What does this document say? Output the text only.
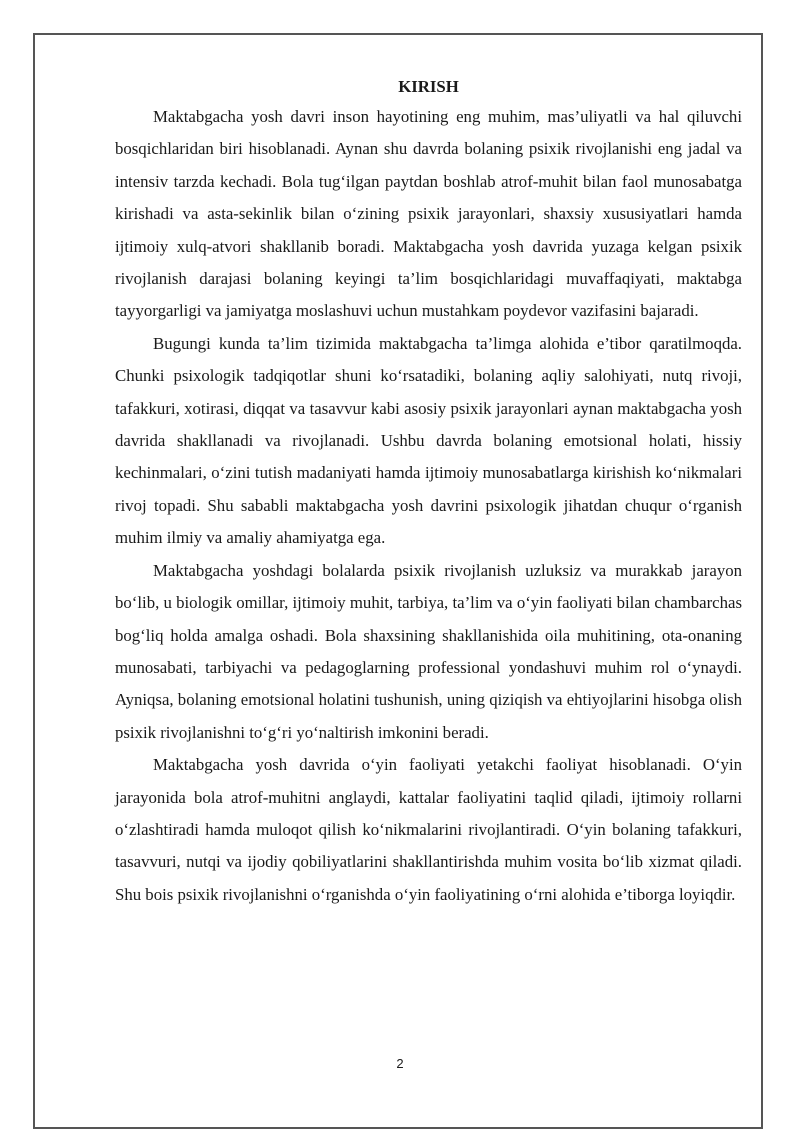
KIRISH

Maktabgacha yosh davri inson hayotining eng muhim, mas’uliyatli va hal qiluvchi bosqichlaridan biri hisoblanadi. Aynan shu davrda bolaning psixik rivojlanishi eng jadal va intensiv tarzda kechadi. Bola tug‘ilgan paytdan boshlab atrof-muhit bilan faol munosabatga kirishadi va asta-sekinlik bilan o‘zining psixik jarayonlari, shaxsiy xususiyatlari hamda ijtimoiy xulq-atvori shakllanib boradi. Maktabgacha yosh davrida yuzaga kelgan psixik rivojlanish darajasi bolaning keyingi ta’lim bosqichlaridagi muvaffaqiyati, maktabga tayyorgarligi va jamiyatga moslashuvi uchun mustahkam poydevor vazifasini bajaradi.

Bugungi kunda ta’lim tizimida maktabgacha ta’limga alohida e’tibor qaratilmoqda. Chunki psixologik tadqiqotlar shuni ko‘rsatadiki, bolaning aqliy salohiyati, nutq rivoji, tafakkuri, xotirasi, diqqat va tasavvur kabi asosiy psixik jarayonlari aynan maktabgacha yosh davrida shakllanadi va rivojlanadi. Ushbu davrda bolaning emotsional holati, hissiy kechinmalari, o‘zini tutish madaniyati hamda ijtimoiy munosabatlarga kirishish ko‘nikmalari rivoj topadi. Shu sababli maktabgacha yosh davrini psixologik jihatdan chuqur o‘rganish muhim ilmiy va amaliy ahamiyatga ega.

Maktabgacha yoshdagi bolalarda psixik rivojlanish uzluksiz va murakkab jarayon bo‘lib, u biologik omillar, ijtimoiy muhit, tarbiya, ta’lim va o‘yin faoliyati bilan chambarchas bog‘liq holda amalga oshadi. Bola shaxsining shakllanishida oila muhitining, ota-onaning munosabati, tarbiyachi va pedagoglarning professional yondashuvi muhim rol o‘ynaydi. Ayniqsa, bolaning emotsional holatini tushunish, uning qiziqish va ehtiyojlarini hisobga olish psixik rivojlanishni to‘g‘ri yo‘naltirish imkonini beradi.

Maktabgacha yosh davrida o‘yin faoliyati yetakchi faoliyat hisoblanadi. O‘yin jarayonida bola atrof-muhitni anglaydi, kattalar faoliyatini taqlid qiladi, ijtimoiy rollarni o‘zlashtiradi hamda muloqot qilish ko‘nikmalarini rivojlantiradi. O‘yin bolaning tafakkuri, tasavvuri, nutqi va ijodiy qobiliyatlarini shakllantirishda muhim vosita bo‘lib xizmat qiladi. Shu bois psixik rivojlanishni o‘rganishda o‘yin faoliyatining o‘rni alohida e’tiborga loyiqdir.

2
